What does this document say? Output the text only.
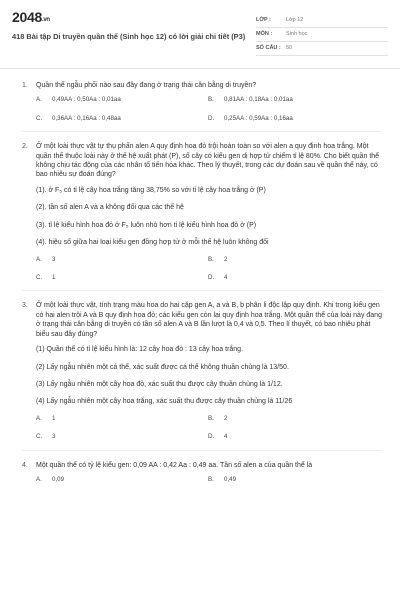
2048.vn
418 Bài tập Di truyền quần thể (Sinh học 12) có lời giải chi tiết (P3)
LỚP :	Lớp 12
MÔN :	Sinh học
SỐ CÂU : 50
1.	Quần thể ngẫu phối nào sau đây đang ở trạng thái cân bằng di truyền?
A.	0,49AA : 0,50Aa : 0,01aa	B.	0,81AA : 0,18Aa : 0,01aa
C.	0,36AA : 0,16Aa : 0,48aa	D.	0,25AA : 0,59Aa : 0,16aa
2.	Ở một loài thực vật tự thụ phấn alen A quy định hoa đỏ trội hoàn toàn so với alen a quy định hoa trắng. Một quần thể thuộc loài này ở thế hệ xuất phát (P), số cây có kiểu gen dị hợp tử chiếm tỉ lệ 80%. Cho biết quần thể không chịu tác động của các nhân tố tiến hóa khác. Theo lý thuyết, trong các dự đoán sau về quần thể này, có bao nhiêu sự đoán đúng?
(1). ở F₅ có tỉ lệ cây hoa trắng tăng 38,75% so với tỉ lệ cây hoa trắng ở (P)
(2). tần số alen A và a không đổi qua các thế hệ
(3). tỉ lệ kiểu hình hoa đỏ ở F₅ luôn nhỏ hơn tỉ lệ kiểu hình hoa đỏ ở (P)
(4). hiệu số giữa hai loại kiểu gen đồng hợp tử ở mỗi thế hệ luôn không đổi
A.	3	B.	2
C.	1	D.	4
3.	Ở một loài thực vật, tính trạng màu hoa do hai cặp gen A, a và B, b phân li độc lập quy định. Khi trong kiểu gen có hai alen trội A và B quy định hoa đỏ; các kiểu gen còn lại quy định hoa trắng. Một quần thể của loài này đang ở trạng thái cân bằng di truyền có tần số alen A và B lần lượt là 0,4 và 0,5. Theo lí thuyết, có bao nhiêu phát biểu sau đây đúng?
(1) Quần thể có tỉ lệ kiểu hình là: 12 cây hoa đỏ : 13 cây hoa trắng.
(2) Lấy ngẫu nhiên một cá thể, xác suất được cá thể không thuần chủng là 13/50.
(3) Lấy ngẫu nhiên một cây hoa đỏ, xác suất thu được cây thuần chủng là 1/12.
(4) Lấy ngẫu nhiên một cây hoa trắng, xác suất thu được cây thuần chủng là 11/26
A.	1	B.	2
C.	3	D.	4
4.	Một quần thể có tỷ lệ kiểu gen: 0,09 AA : 0,42 Aa : 0,49 aa. Tần số alen a của quần thể là
A.	0,09	B.	0,49
